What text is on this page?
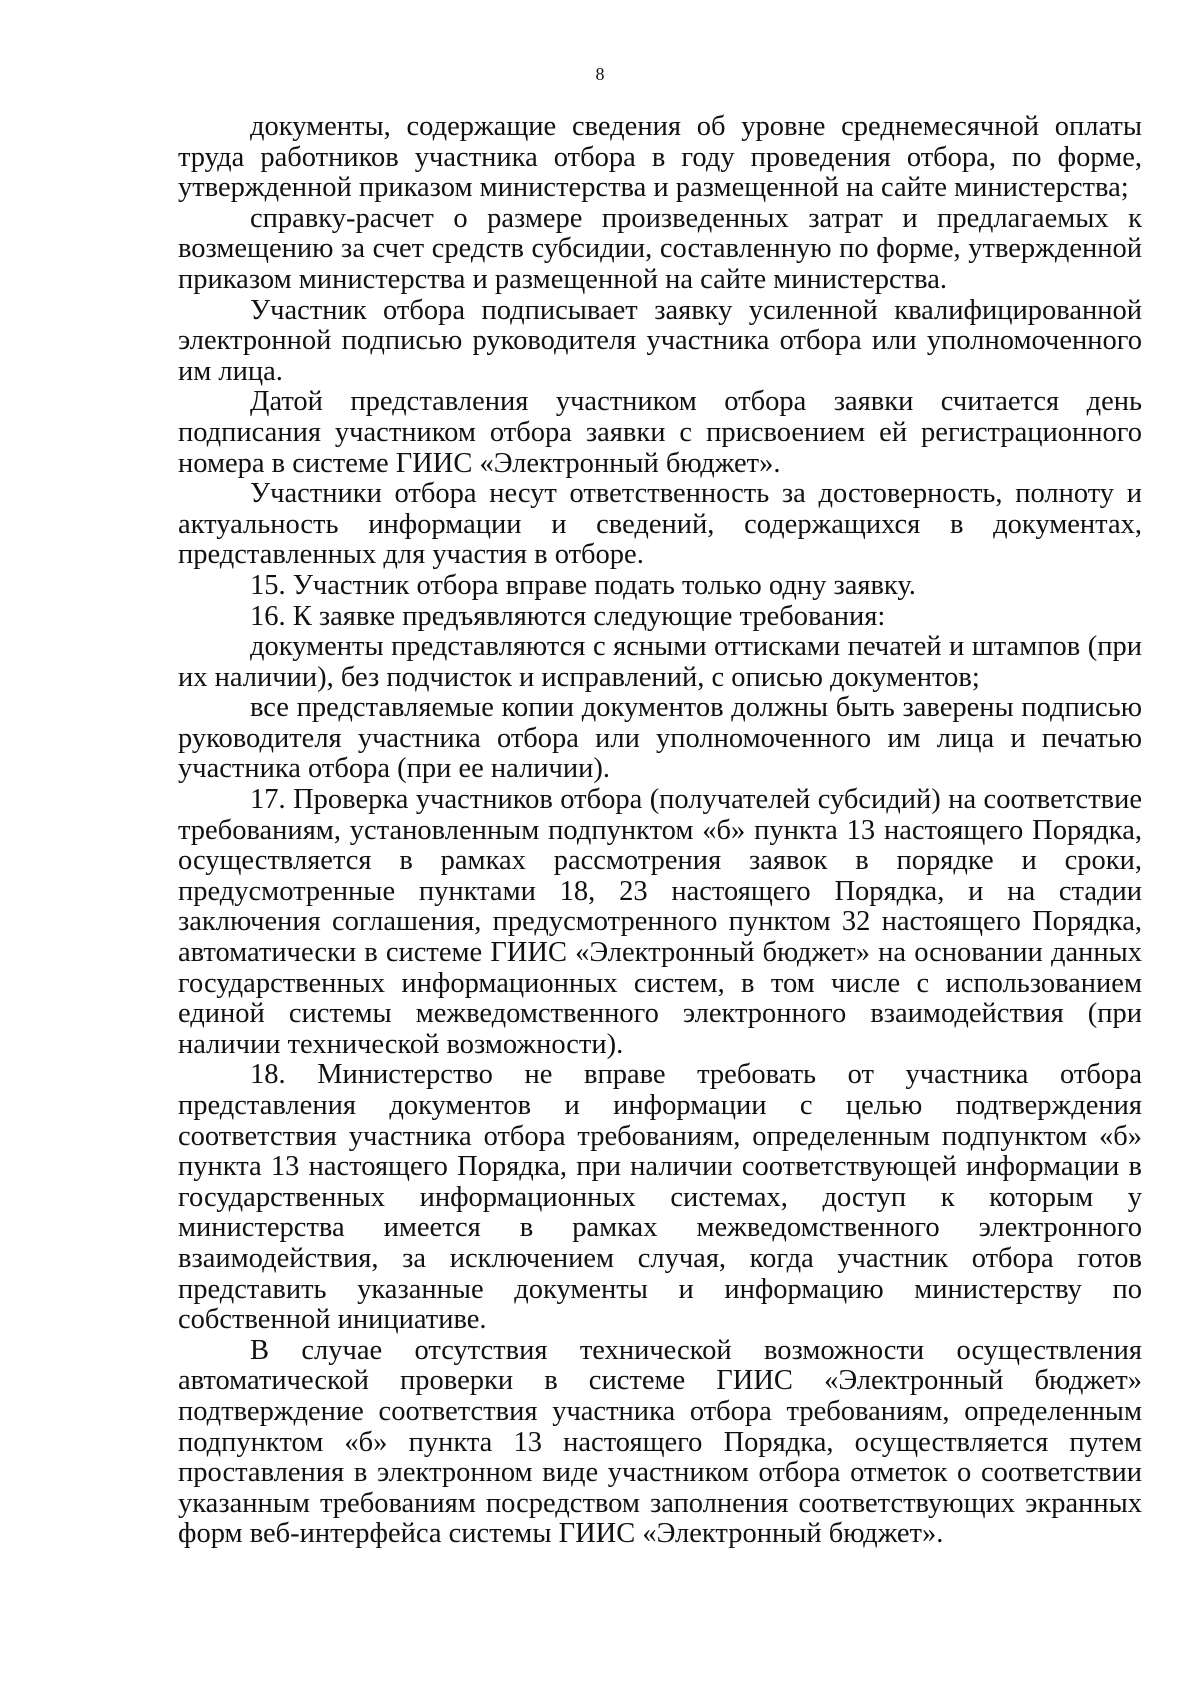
8

документы, содержащие сведения об уровне среднемесячной оплаты труда работников участника отбора в году проведения отбора, по форме, утвержденной приказом министерства и размещенной на сайте министерства;

справку-расчет о размере произведенных затрат и предлагаемых к возмещению за счет средств субсидии, составленную по форме, утвержденной приказом министерства и размещенной на сайте министерства.

Участник отбора подписывает заявку усиленной квалифицированной электронной подписью руководителя участника отбора или уполномоченного им лица.

Датой представления участником отбора заявки считается день подписания участником отбора заявки с присвоением ей регистрационного номера в системе ГИИС «Электронный бюджет».

Участники отбора несут ответственность за достоверность, полноту и актуальность информации и сведений, содержащихся в документах, представленных для участия в отборе.

15. Участник отбора вправе подать только одну заявку.

16. К заявке предъявляются следующие требования:

документы представляются с ясными оттисками печатей и штампов (при их наличии), без подчисток и исправлений, с описью документов;

все представляемые копии документов должны быть заверены подписью руководителя участника отбора или уполномоченного им лица и печатью участника отбора (при ее наличии).

17. Проверка участников отбора (получателей субсидий) на соответствие требованиям, установленным подпунктом «б» пункта 13 настоящего Порядка, осуществляется в рамках рассмотрения заявок в порядке и сроки, предусмотренные пунктами 18, 23 настоящего Порядка, и на стадии заключения соглашения, предусмотренного пунктом 32 настоящего Порядка, автоматически в системе ГИИС «Электронный бюджет» на основании данных государственных информационных систем, в том числе с использованием единой системы межведомственного электронного взаимодействия (при наличии технической возможности).

18. Министерство не вправе требовать от участника отбора представления документов и информации с целью подтверждения соответствия участника отбора требованиям, определенным подпунктом «б» пункта 13 настоящего Порядка, при наличии соответствующей информации в государственных информационных системах, доступ к которым у министерства имеется в рамках межведомственного электронного взаимодействия, за исключением случая, когда участник отбора готов представить указанные документы и информацию министерству по собственной инициативе.

В случае отсутствия технической возможности осуществления автоматической проверки в системе ГИИС «Электронный бюджет» подтверждение соответствия участника отбора требованиям, определенным подпунктом «б» пункта 13 настоящего Порядка, осуществляется путем проставления в электронном виде участником отбора отметок о соответствии указанным требованиям посредством заполнения соответствующих экранных форм веб-интерфейса системы ГИИС «Электронный бюджет».
